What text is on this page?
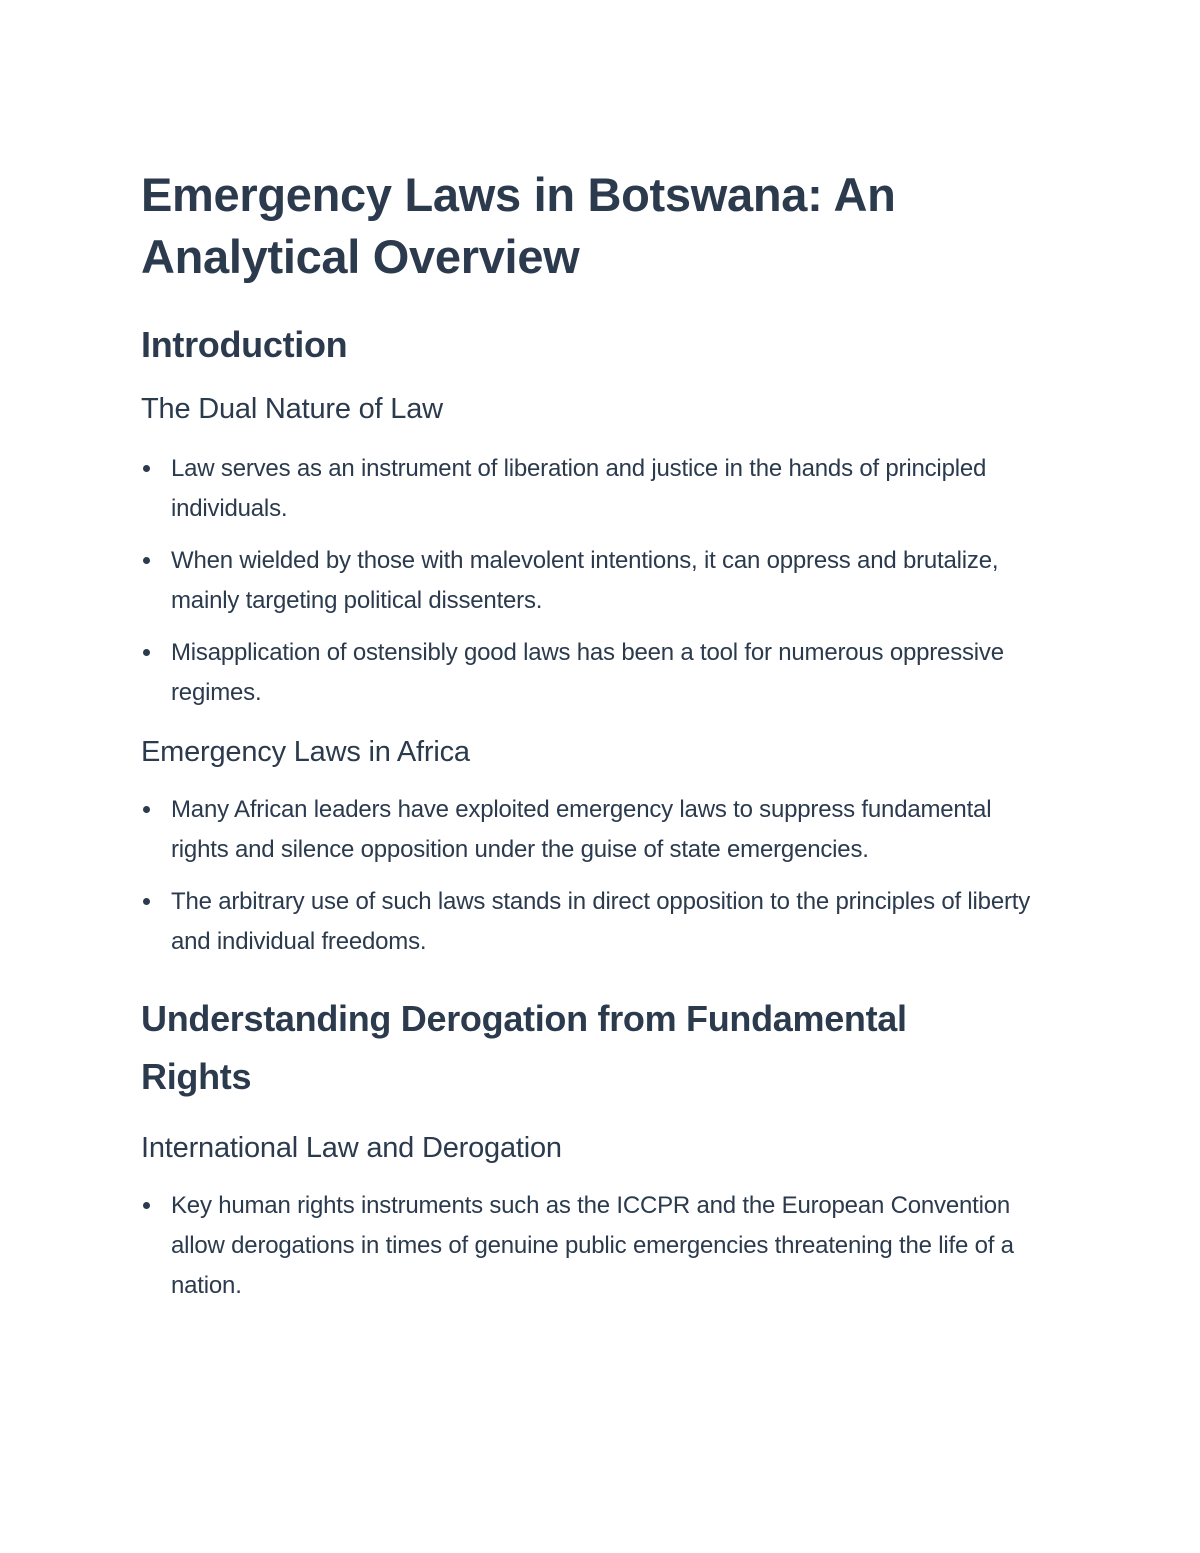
Emergency Laws in Botswana: An Analytical Overview
Introduction
The Dual Nature of Law
Law serves as an instrument of liberation and justice in the hands of principled individuals.
When wielded by those with malevolent intentions, it can oppress and brutalize, mainly targeting political dissenters.
Misapplication of ostensibly good laws has been a tool for numerous oppressive regimes.
Emergency Laws in Africa
Many African leaders have exploited emergency laws to suppress fundamental rights and silence opposition under the guise of state emergencies.
The arbitrary use of such laws stands in direct opposition to the principles of liberty and individual freedoms.
Understanding Derogation from Fundamental Rights
International Law and Derogation
Key human rights instruments such as the ICCPR and the European Convention allow derogations in times of genuine public emergencies threatening the life of a nation.
